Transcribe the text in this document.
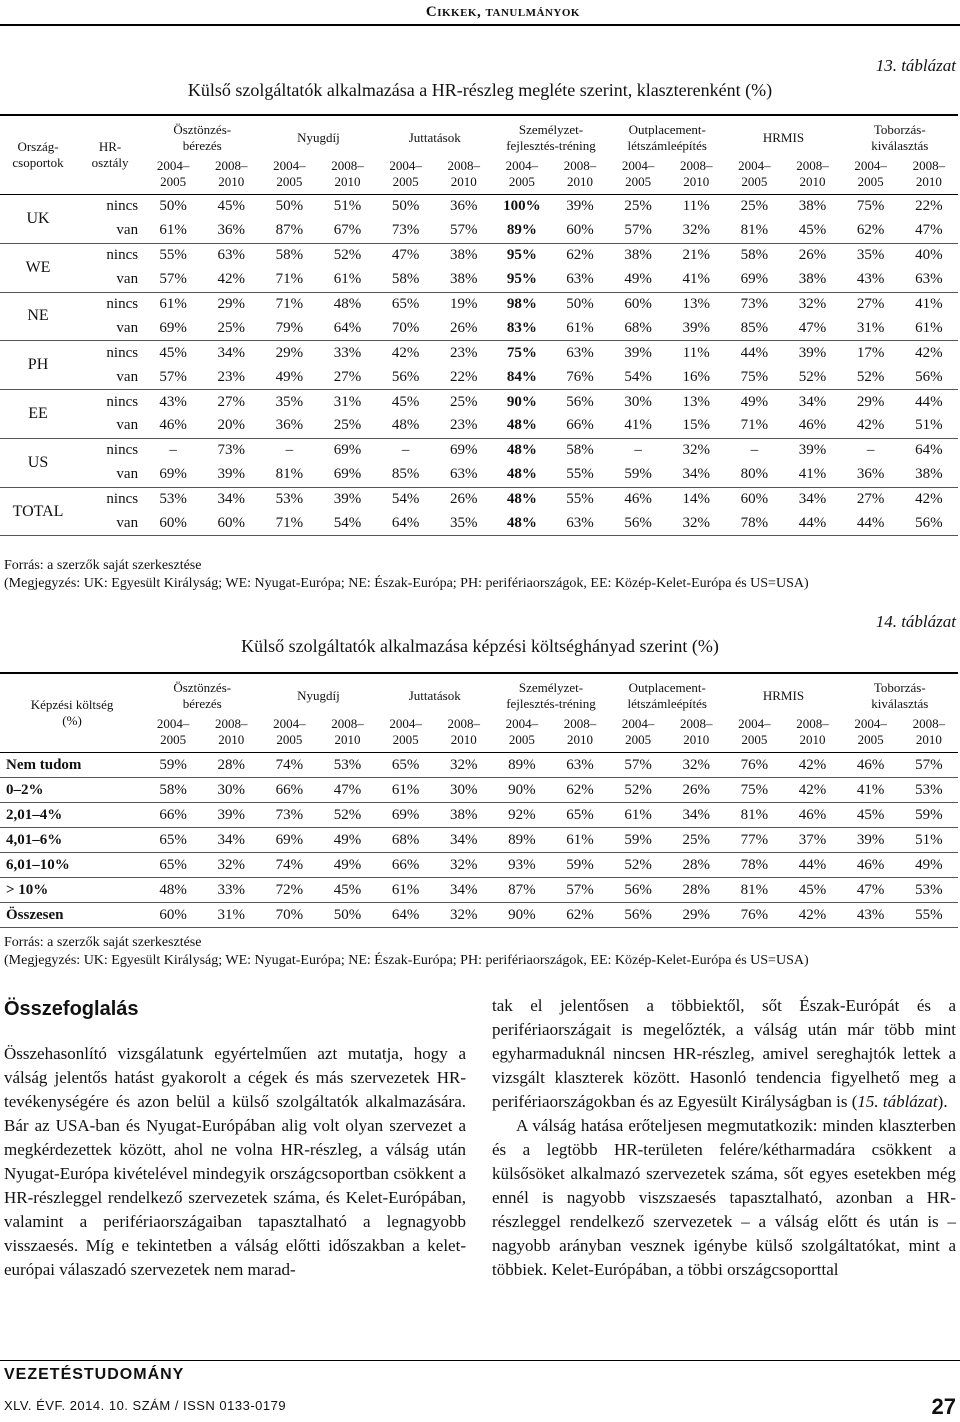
Cikkek, tanulmányok
13. táblázat
Külső szolgáltatók alkalmazása a HR-részleg megléte szerint, klaszterenként (%)
Ország-
csoportok	HR-
osztály	Ösztönzés-
bérezés		Nyugdíj		Juttatások		Személyzet-
fejlesztés-tréning		Outplacement-
létszámleépítés		HRMIS		Toborzás-
kiválasztás	
		2004–
2005	2008–
2010	2004–
2005	2008–
2010	2004–
2005	2008–
2010	2004–
2005	2008–
2010	2004–
2005	2008–
2010	2004–
2005	2008–
2010	2004–
2005	2008–
2010
UK	nincs	50%	45%	50%	51%	50%	36%	100%	39%	25%	11%	25%	38%	75%	22%
	van	61%	36%	87%	67%	73%	57%	89%	60%	57%	32%	81%	45%	62%	47%
WE	nincs	55%	63%	58%	52%	47%	38%	95%	62%	38%	21%	58%	26%	35%	40%
	van	57%	42%	71%	61%	58%	38%	95%	63%	49%	41%	69%	38%	43%	63%
NE	nincs	61%	29%	71%	48%	65%	19%	98%	50%	60%	13%	73%	32%	27%	41%
	van	69%	25%	79%	64%	70%	26%	83%	61%	68%	39%	85%	47%	31%	61%
PH	nincs	45%	34%	29%	33%	42%	23%	75%	63%	39%	11%	44%	39%	17%	42%
	van	57%	23%	49%	27%	56%	22%	84%	76%	54%	16%	75%	52%	52%	56%
EE	nincs	43%	27%	35%	31%	45%	25%	90%	56%	30%	13%	49%	34%	29%	44%
	van	46%	20%	36%	25%	48%	23%	48%	66%	41%	15%	71%	46%	42%	51%
US	nincs	–	73%	–	69%	–	69%	48%	58%	–	32%	–	39%	–	64%
	van	69%	39%	81%	69%	85%	63%	48%	55%	59%	34%	80%	41%	36%	38%
TOTAL	nincs	53%	34%	53%	39%	54%	26%	48%	55%	46%	14%	60%	34%	27%	42%
	van	60%	60%	71%	54%	64%	35%	48%	63%	56%	32%	78%	44%	44%	56%
Forrás: a szerzők saját szerkesztése
(Megjegyzés: UK: Egyesült Királyság; WE: Nyugat-Európa; NE: Észak-Európa; PH: perifériaországok, EE: Közép-Kelet-Európa és US=USA)
14. táblázat
Külső szolgáltatók alkalmazása képzési költséghányad szerint (%)
Képzési költség
(%)	Ösztönzés-
bérezés		Nyugdíj		Juttatások		Személyzet-
fejlesztés-tréning		Outplacement-
létszámleépítés		HRMIS		Toborzás-
kiválasztás	
	2004–
2005	2008–
2010	2004–
2005	2008–
2010	2004–
2005	2008–
2010	2004–
2005	2008–
2010	2004–
2005	2008–
2010	2004–
2005	2008–
2010	2004–
2005	2008–
2010
Nem tudom	59%	28%	74%	53%	65%	32%	89%	63%	57%	32%	76%	42%	46%	57%
0–2%	58%	30%	66%	47%	61%	30%	90%	62%	52%	26%	75%	42%	41%	53%
2,01–4%	66%	39%	73%	52%	69%	38%	92%	65%	61%	34%	81%	46%	45%	59%
4,01–6%	65%	34%	69%	49%	68%	34%	89%	61%	59%	25%	77%	37%	39%	51%
6,01–10%	65%	32%	74%	49%	66%	32%	93%	59%	52%	28%	78%	44%	46%	49%
> 10%	48%	33%	72%	45%	61%	34%	87%	57%	56%	28%	81%	45%	47%	53%
Összesen	60%	31%	70%	50%	64%	32%	90%	62%	56%	29%	76%	42%	43%	55%
Forrás: a szerzők saját szerkesztése
(Megjegyzés: UK: Egyesült Királyság; WE: Nyugat-Európa; NE: Észak-Európa; PH: perifériaországok, EE: Közép-Kelet-Európa és US=USA)
Összefoglalás

Összehasonlító vizsgálatunk egyértelműen azt mutatja, hogy a válság jelentős hatást gyakorolt a cégek és más szervezetek HR-tevékenységére és azon belül a külső szolgáltatók alkalmazására. Bár az USA-ban és Nyugat-Európában alig volt olyan szervezet a megkérdezettek között, ahol ne volna HR-részleg, a válság után Nyugat-Európa kivételével mindegyik országcsoportban csökkent a HR-részleggel rendelkező szervezetek száma, és Kelet-Európában, valamint a perifériaországaiban tapasztalható a legnagyobb visszaesés. Míg e tekintetben a válság előtti időszakban a kelet-európai válaszadó szervezetek nem marad-

tak el jelentősen a többiektől, sőt Észak-Európát és a perifériaországait is megelőzték, a válság után már több mint egyharmaduknál nincsen HR-részleg, amivel sereghajtók lettek a vizsgált klaszterek között. Hasonló tendencia figyelhető meg a perifériaországokban és az Egyesült Királyságban is (15. táblázat).

A válság hatása erőteljesen megmutatkozik: minden klaszterben és a legtöbb HR-területen felére/kétharmadára csökkent a külsősöket alkalmazó szervezetek száma, sőt egyes esetekben még ennél is nagyobb viszszaesés tapasztalható, azonban a HR-részleggel rendelkező szervezetek – a válság előtt és után is – nagyobb arányban vesznek igénybe külső szolgáltatókat, mint a többiek. Kelet-Európában, a többi országcsoporttal

VEZETÉSTUDOMÁNY
XLV. ÉVF. 2014. 10. SZÁM / ISSN 0133-0179	27
